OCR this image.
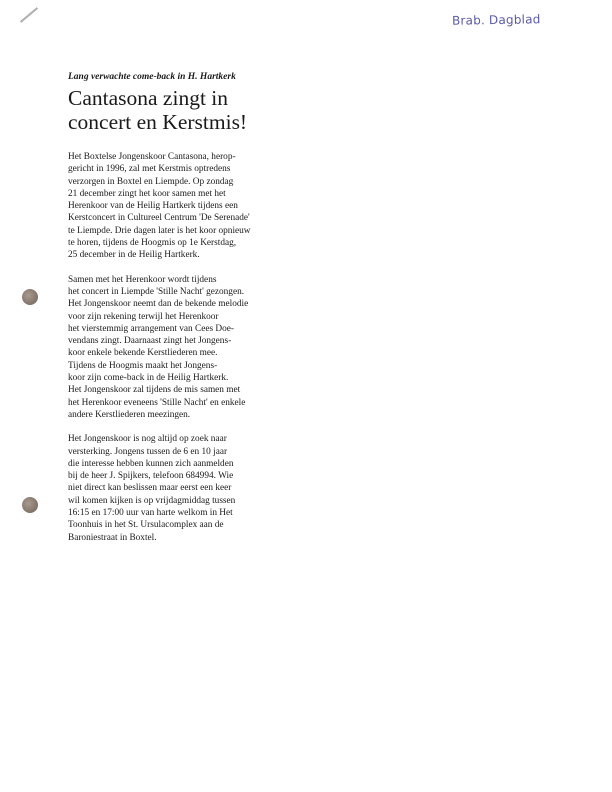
Brab. Dagblad

Lang verwachte come-back in H. Hartkerk

Cantasona zingt in
concert en Kerstmis!

Het Boxtelse Jongenskoor Cantasona, herop-
gericht in 1996, zal met Kerstmis optredens
verzorgen in Boxtel en Liempde. Op zondag
21 december zingt het koor samen met het
Herenkoor van de Heilig Hartkerk tijdens een
Kerstconcert in Cultureel Centrum 'De Serenade'
te Liempde. Drie dagen later is het koor opnieuw
te horen, tijdens de Hoogmis op 1e Kerstdag,
25 december in de Heilig Hartkerk.

Samen met het Herenkoor wordt tijdens
het concert in Liempde 'Stille Nacht' gezongen.
Het Jongenskoor neemt dan de bekende melodie
voor zijn rekening terwijl het Herenkoor
het vierstemmig arrangement van Cees Doe-
vendans zingt. Daarnaast zingt het Jongens-
koor enkele bekende Kerstliederen mee.
Tijdens de Hoogmis maakt het Jongens-
koor zijn come-back in de Heilig Hartkerk.
Het Jongenskoor zal tijdens de mis samen met
het Herenkoor eveneens 'Stille Nacht' en enkele
andere Kerstliederen meezingen.

Het Jongenskoor is nog altijd op zoek naar
versterking. Jongens tussen de 6 en 10 jaar
die interesse hebben kunnen zich aanmelden
bij de heer J. Spijkers, telefoon 684994. Wie
niet direct kan beslissen maar eerst een keer
wil komen kijken is op vrijdagmiddag tussen
16:15 en 17:00 uur van harte welkom in Het
Toonhuis in het St. Ursulacomplex aan de
Baroniestraat in Boxtel.
